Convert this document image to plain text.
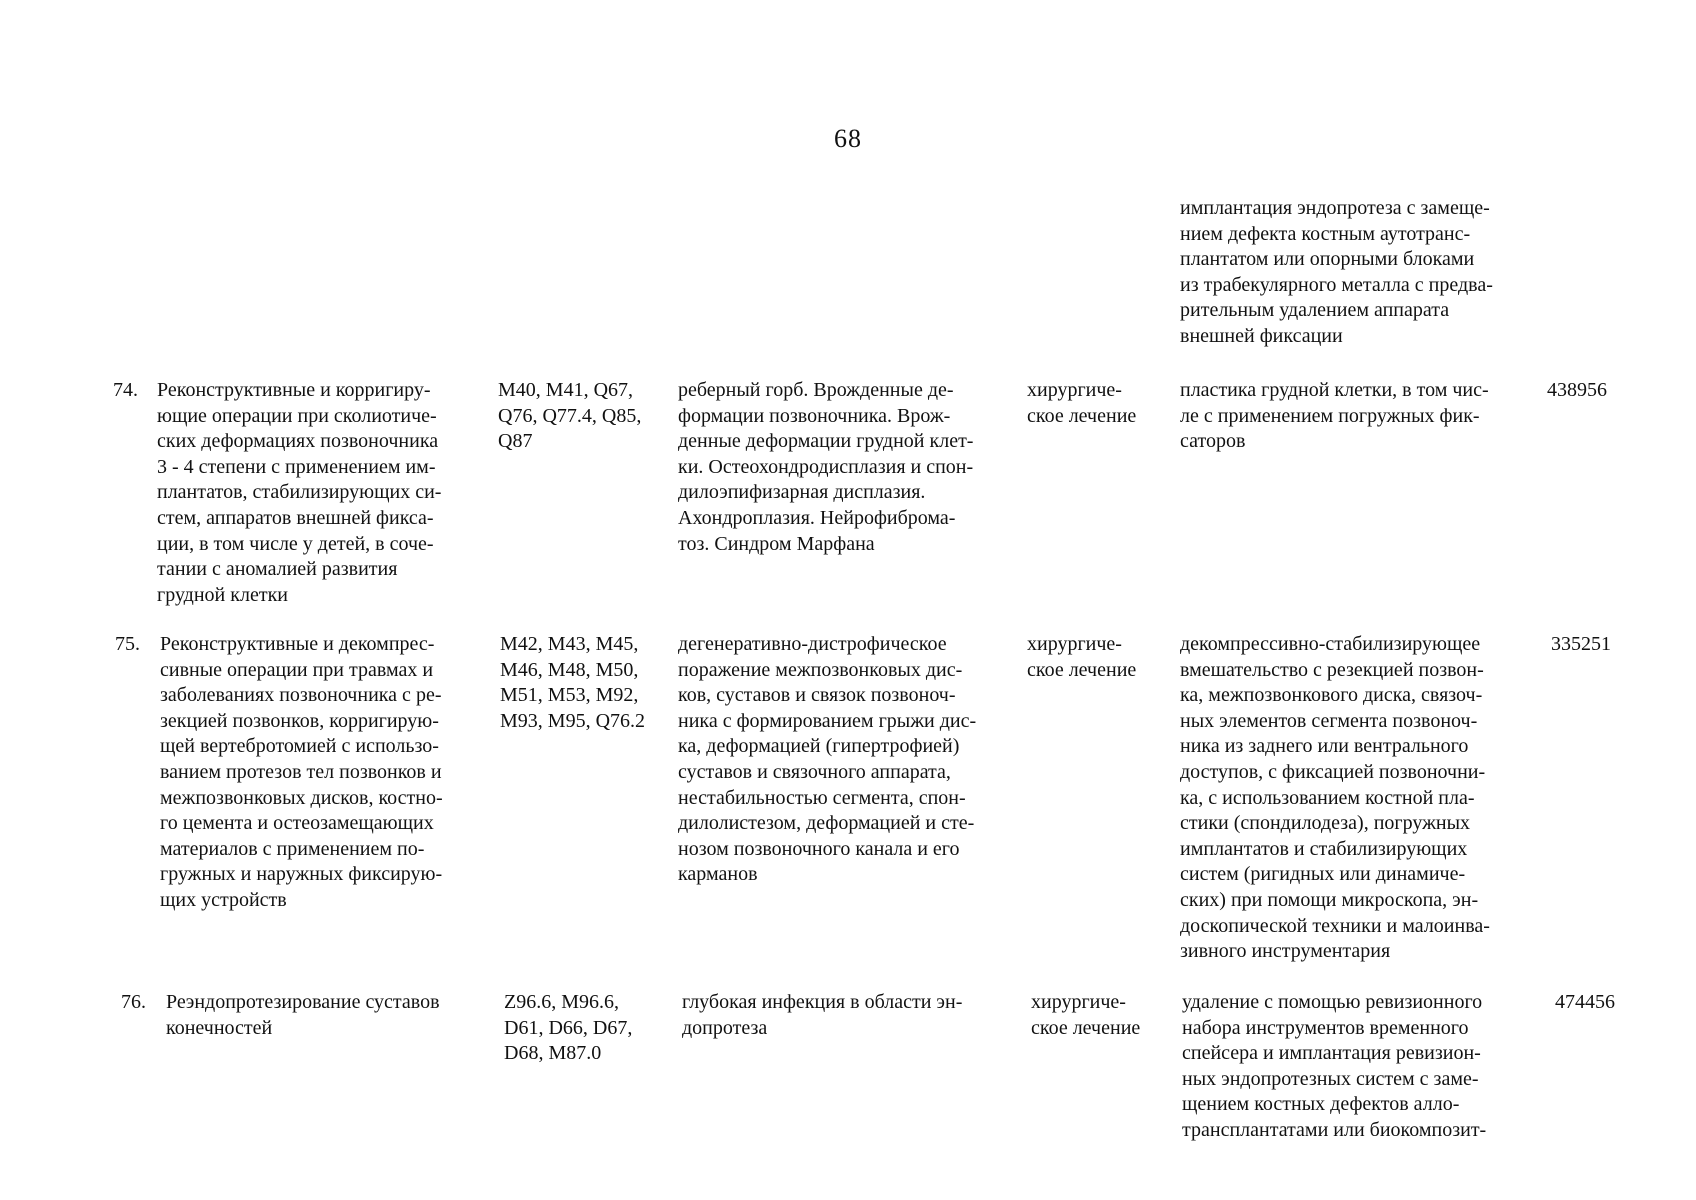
68
имплантация эндопротеза с замеще-
нием дефекта костным аутотранс-
плантатом или опорными блоками
из трабекулярного металла с предва-
рительным удалением аппарата
внешней фиксации
74. Реконструктивные и корригиру-
ющие операции при сколиотиче-
ских деформациях позвоночника
3 - 4 степени с применением им-
плантатов, стабилизирующих си-
стем, аппаратов внешней фикса-
ции, в том числе у детей, в соче-
тании с аномалией развития
грудной клетки
M40, M41, Q67,
Q76, Q77.4, Q85,
Q87
реберный горб. Врожденные де-
формации позвоночника. Врож-
денные деформации грудной клет-
ки. Остеохондродисплазия и спон-
дилоэпифизарная дисплазия.
Ахондроплазия. Нейрофиброма-
тоз. Синдром Марфана
хирургиче-
ское лечение
пластика грудной клетки, в том чис-
ле с применением погружных фик-
саторов
438956
75. Реконструктивные и декомпрес-
сивные операции при травмах и
заболеваниях позвоночника с ре-
зекцией позвонков, корригирую-
щей вертебротомией с использо-
ванием протезов тел позвонков и
межпозвонковых дисков, костно-
го цемента и остеозамещающих
материалов с применением по-
гружных и наружных фиксирую-
щих устройств
M42, M43, M45,
M46, M48, M50,
M51, M53, M92,
M93, M95, Q76.2
дегенеративно-дистрофическое
поражение межпозвонковых дис-
ков, суставов и связок позвоноч-
ника с формированием грыжи дис-
ка, деформацией (гипертрофией)
суставов и связочного аппарата,
нестабильностью сегмента, спон-
дилолистезом, деформацией и сте-
нозом позвоночного канала и его
карманов
хирургиче-
ское лечение
декомпрессивно-стабилизирующее
вмешательство с резекцией позвон-
ка, межпозвонкового диска, связоч-
ных элементов сегмента позвоноч-
ника из заднего или вентрального
доступов, с фиксацией позвоночни-
ка, с использованием костной пла-
стики (спондилодеза), погружных
имплантатов и стабилизирующих
систем (ригидных или динамиче-
ских) при помощи микроскопа, эн-
доскопической техники и малоинва-
зивного инструментария
335251
76. Реэндопротезирование суставов
конечностей
Z96.6, M96.6,
D61, D66, D67,
D68, M87.0
глубокая инфекция в области эн-
допротеза
хирургиче-
ское лечение
удаление с помощью ревизионного
набора инструментов временного
спейсера и имплантация ревизион-
ных эндопротезных систем с заме-
щением костных дефектов алло-
трансплантатами или биокомпозит-
474456
